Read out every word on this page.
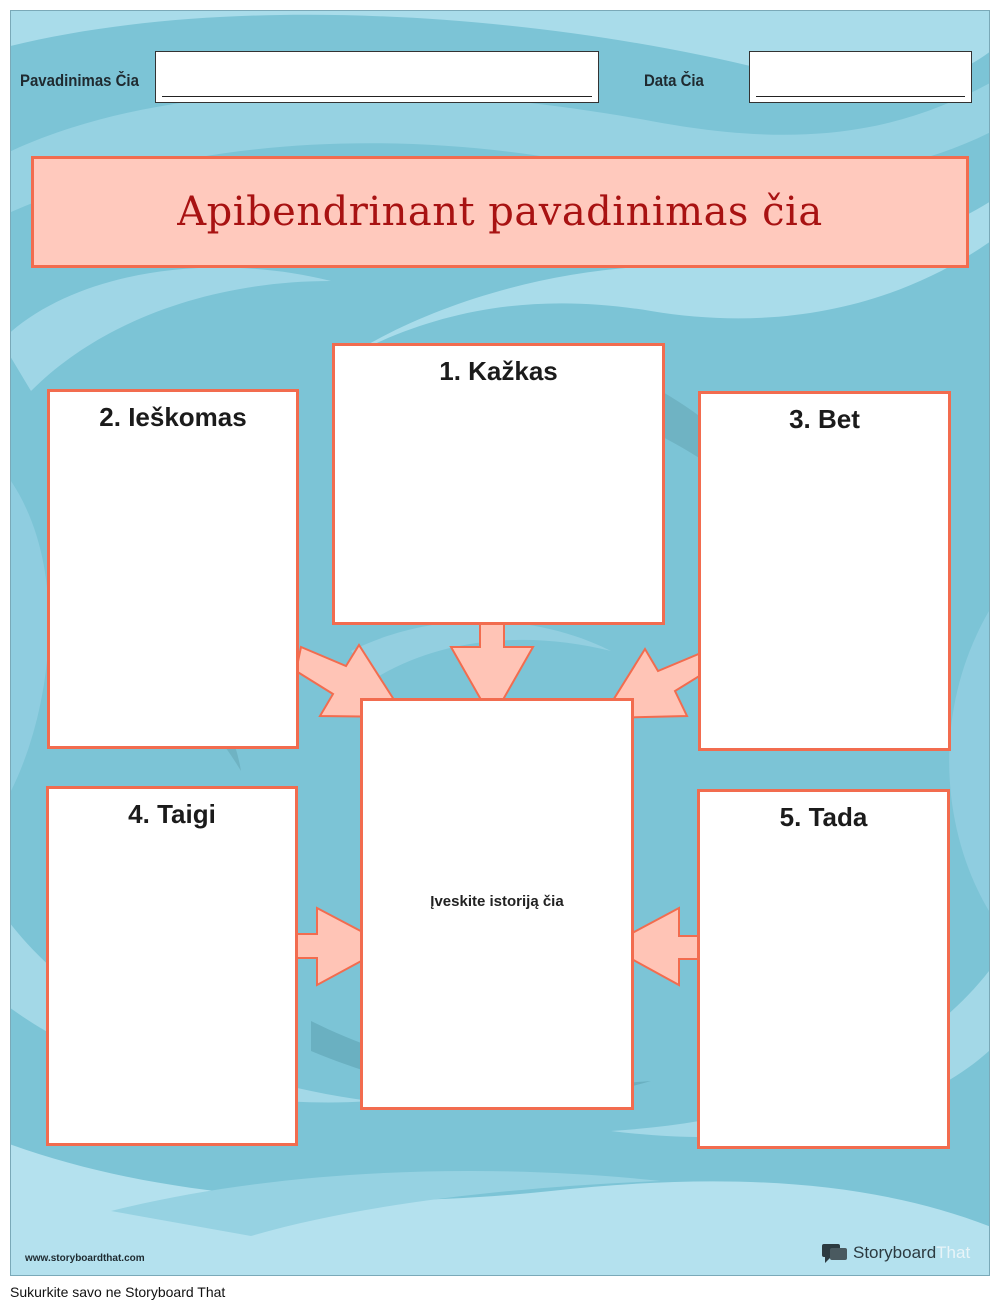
Pavadinimas Čia	Data Čia
Apibendrinant pavadinimas čia
1. Kažkas
2. Ieškomas	3. Bet
4. Taigi	5. Tada
Įveskite istoriją čia
www.storyboardthat.com	StoryboardThat
Sukurkite savo ne Storyboard That
